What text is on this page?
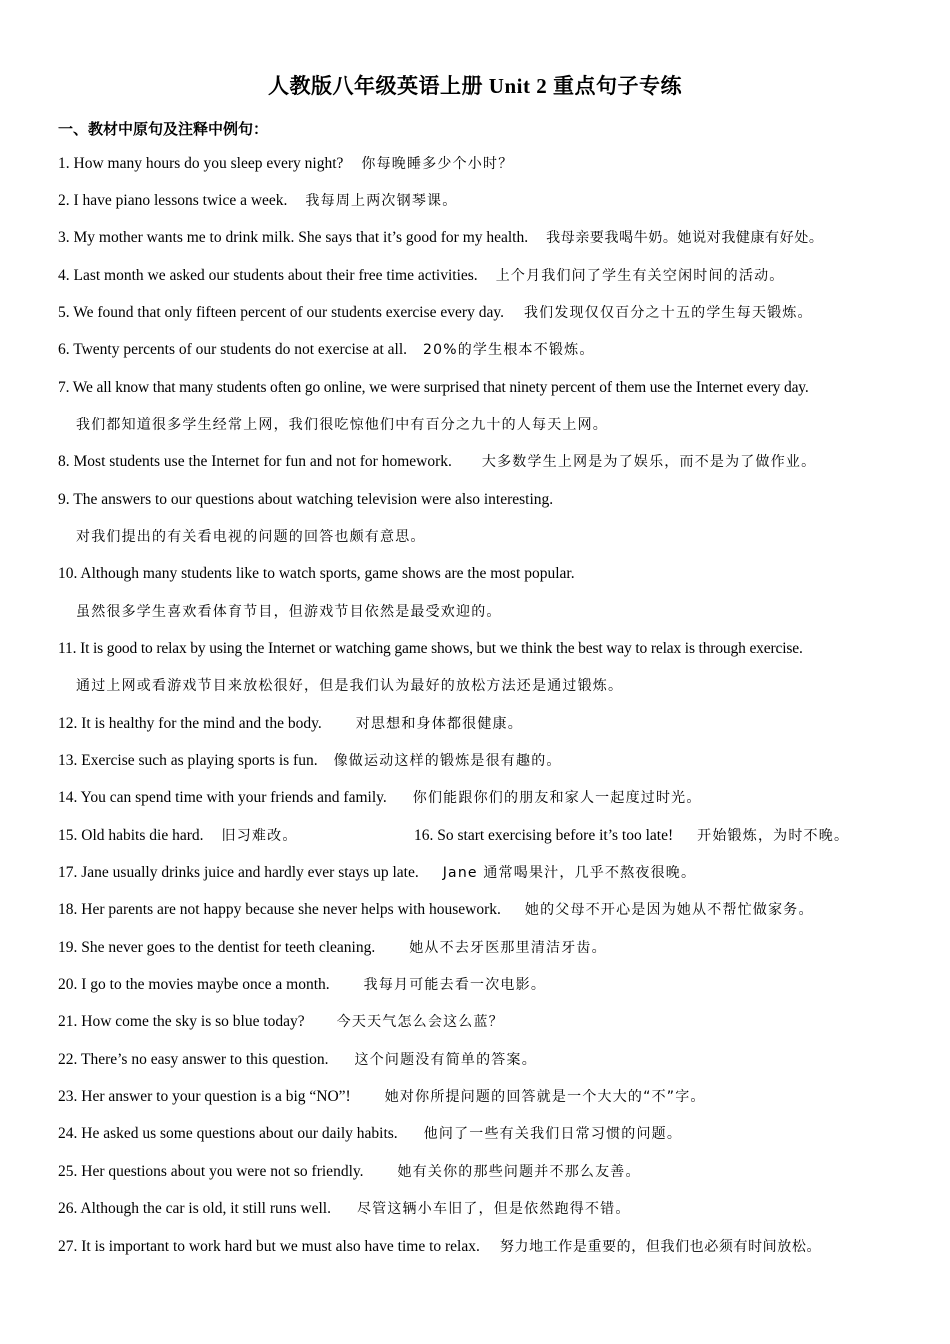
人教版八年级英语上册 Unit 2 重点句子专练
一、教材中原句及注释中例句：
1. How many hours do you sleep every night? 你每晚睡多少个小时？
2. I have piano lessons twice a week. 我每周上两次钢琴课。
3. My mother wants me to drink milk. She says that it’s good for my health. 我母亲要我喝牛奶。她说对我健康有好处。
4. Last month we asked our students about their free time activities. 上个月我们问了学生有关空闲时间的活动。
5. We found that only fifteen percent of our students exercise every day. 我们发现仅仅百分之十五的学生每天锻炼。
6. Twenty percents of our students do not exercise at all. 20%的学生根本不锻炼。
7. We all know that many students often go online, we were surprised that ninety percent of them use the Internet every day.
我们都知道很多学生经常上网，我们很吃惊他们中有百分之九十的人每天上网。
8. Most students use the Internet for fun and not for homework. 大多数学生上网是为了娱乐，而不是为了做作业。
9. The answers to our questions about watching television were also interesting.
对我们提出的有关看电视的问题的回答也颇有意思。
10. Although many students like to watch sports, game shows are the most popular.
虽然很多学生喜欢看体育节目，但游戏节目依然是最受欢迎的。
11. It is good to relax by using the Internet or watching game shows, but we think the best way to relax is through exercise.
通过上网或看游戏节目来放松很好，但是我们认为最好的放松方法还是通过锻炼。
12. It is healthy for the mind and the body. 对思想和身体都很健康。
13. Exercise such as playing sports is fun. 像做运动这样的锻炼是很有趣的。
14. You can spend time with your friends and family. 你们能跟你们的朋友和家人一起度过时光。
15. Old habits die hard. 旧习难改。	16. So start exercising before it’s too late! 开始锻炼，为时不晚。
17. Jane usually drinks juice and hardly ever stays up late. Jane 通常喝果汁，几乎不熬夜很晚。
18. Her parents are not happy because she never helps with housework. 她的父母不开心是因为她从不帮忙做家务。
19. She never goes to the dentist for teeth cleaning. 她从不去牙医那里清洁牙齿。
20. I go to the movies maybe once a month. 我每月可能去看一次电影。
21. How come the sky is so blue today? 今天天气怎么会这么蓝？
22. There’s no easy answer to this question. 这个问题没有简单的答案。
23. Her answer to your question is a big “NO”! 她对你所提问题的回答就是一个大大的“不”字。
24. He asked us some questions about our daily habits. 他问了一些有关我们日常习惯的问题。
25. Her questions about you were not so friendly. 她有关你的那些问题并不那么友善。
26. Although the car is old, it still runs well. 尽管这辆小车旧了，但是依然跑得不错。
27. It is important to work hard but we must also have time to relax. 努力地工作是重要的，但我们也必须有时间放松。
